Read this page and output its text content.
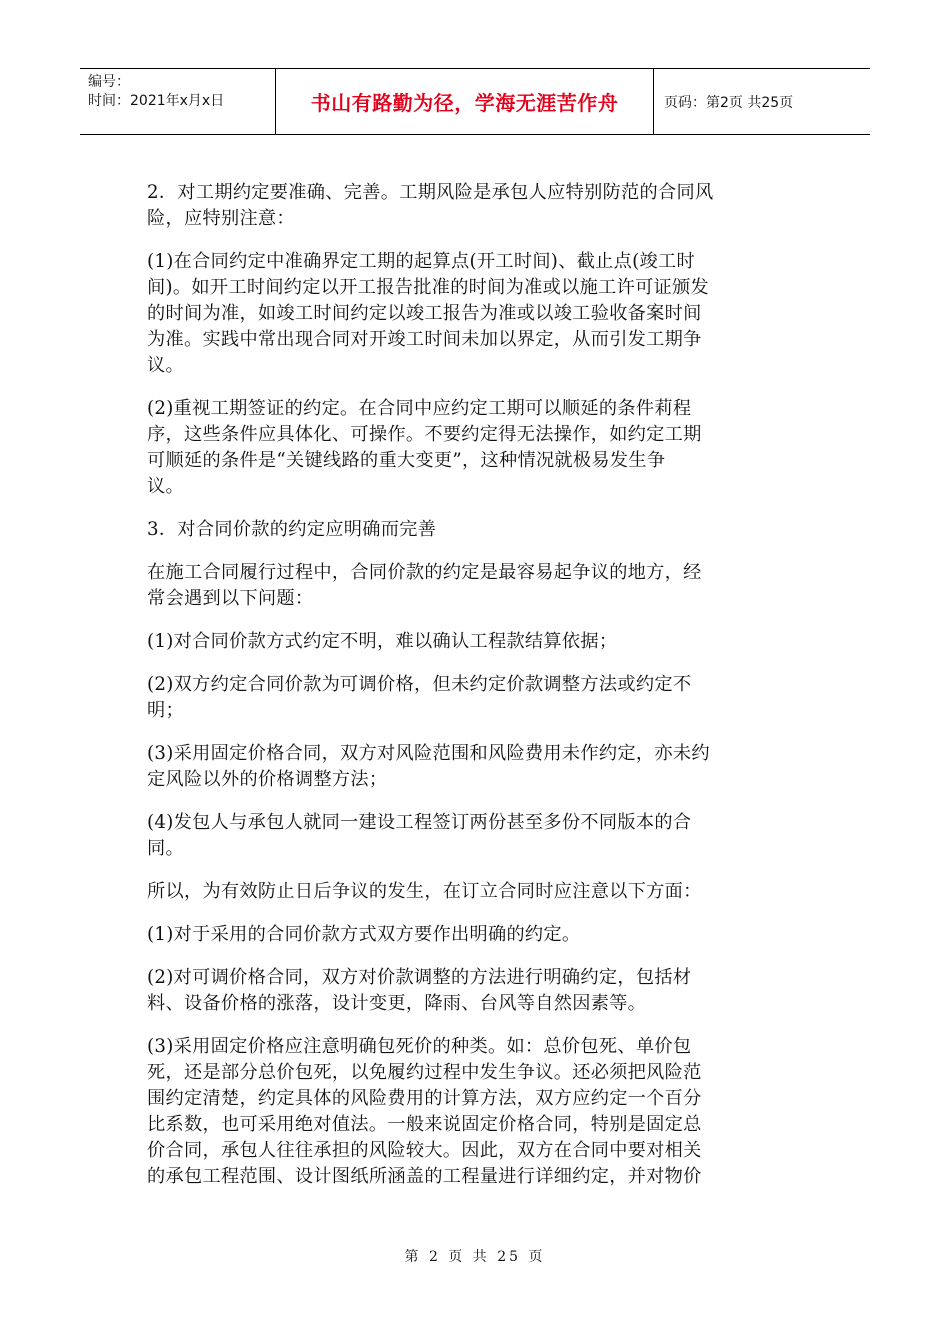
编号：
时间：2021年x月x日	书山有路勤为径，学海无涯苦作舟	页码：第2页 共25页
2．对工期约定要准确、完善。工期风险是承包人应特别防范的合同风
险，应特别注意：
(1)在合同约定中准确界定工期的起算点(开工时间)、截止点(竣工时
间)。如开工时间约定以开工报告批准的时间为准或以施工许可证颁发
的时间为准，如竣工时间约定以竣工报告为准或以竣工验收备案时间
为准。实践中常出现合同对开竣工时间未加以界定，从而引发工期争
议。
(2)重视工期签证的约定。在合同中应约定工期可以顺延的条件莉程
序，这些条件应具体化、可操作。不要约定得无法操作，如约定工期
可顺延的条件是“关键线路的重大变更”，这种情况就极易发生争
议。
3．对合同价款的约定应明确而完善
在施工合同履行过程中，合同价款的约定是最容易起争议的地方，经
常会遇到以下问题：
(1)对合同价款方式约定不明，难以确认工程款结算依据；
(2)双方约定合同价款为可调价格，但未约定价款调整方法或约定不
明；
(3)采用固定价格合同，双方对风险范围和风险费用未作约定，亦未约
定风险以外的价格调整方法；
(4)发包人与承包人就同一建设工程签订两份甚至多份不同版本的合
同。
所以，为有效防止日后争议的发生，在订立合同时应注意以下方面：
(1)对于采用的合同价款方式双方要作出明确的约定。
(2)对可调价格合同，双方对价款调整的方法进行明确约定，包括材
料、设备价格的涨落，设计变更，降雨、台风等自然因素等。
(3)采用固定价格应注意明确包死价的种类。如：总价包死、单价包
死，还是部分总价包死，以免履约过程中发生争议。还必须把风险范
围约定清楚，约定具体的风险费用的计算方法，双方应约定一个百分
比系数，也可采用绝对值法。一般来说固定价格合同，特别是固定总
价合同，承包人往往承担的风险较大。因此，双方在合同中要对相关
的承包工程范围、设计图纸所涵盖的工程量进行详细约定，并对物价
第 2 页 共 25 页
